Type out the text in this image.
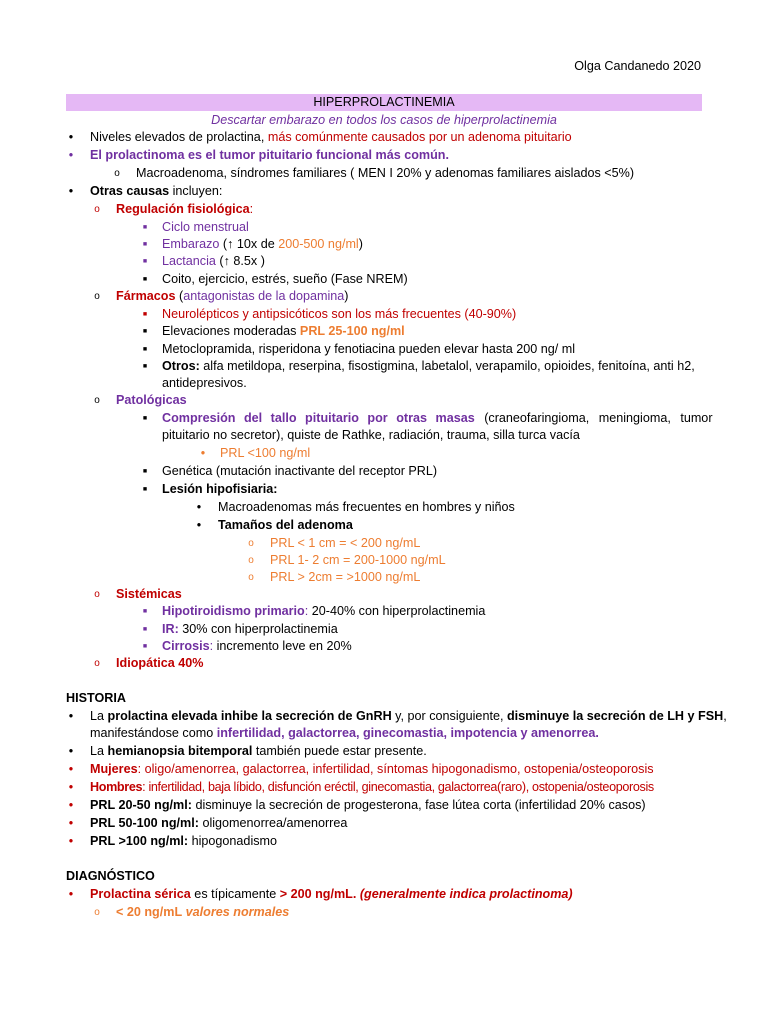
Olga Candanedo 2020
HIPERPROLACTINEMIA
Descartar embarazo en todos los casos de hiperprolactinemia
• Niveles elevados de prolactina, más comúnmente causados por un adenoma pituitario
• El prolactinoma es el tumor pituitario funcional más común.
o Macroadenoma, síndromes familiares ( MEN I 20% y adenomas familiares aislados <5%)
• Otras causas incluyen:
o Regulación fisiológica:
■ Ciclo menstrual
■ Embarazo (↑ 10x de 200-500 ng/ml)
■ Lactancia (↑ 8.5x )
■ Coito, ejercicio, estrés, sueño (Fase NREM)
o Fármacos (antagonistas de la dopamina)
■ Neurolépticos y antipsicóticos son los más frecuentes (40-90%)
■ Elevaciones moderadas PRL 25-100 ng/ml
■ Metoclopramida, risperidona y fenotiacina pueden elevar hasta 200 ng/ ml
■ Otros: alfa metildopa, reserpina, fisostigmina, labetalol, verapamilo, opioides, fenitoína, anti h2,
antidepresivos.
o Patológicas
■ Compresión del tallo pituitario por otras masas (craneofaringioma, meningioma, tumor
pituitario no secretor), quiste de Rathke, radiación, trauma, silla turca vacía
• PRL <100 ng/ml
■ Genética (mutación inactivante del receptor PRL)
■ Lesión hipofisiaria:
• Macroadenomas más frecuentes en hombres y niños
• Tamaños del adenoma
o PRL < 1 cm = < 200 ng/mL
o PRL 1- 2 cm = 200-1000 ng/mL
o PRL > 2cm = >1000 ng/mL
o Sistémicas
■ Hipotiroidismo primario: 20-40% con hiperprolactinemia
■ IR: 30% con hiperprolactinemia
■ Cirrosis: incremento leve en 20%
o Idiopática 40%
HISTORIA
• La prolactina elevada inhibe la secreción de GnRH y, por consiguiente, disminuye la secreción de LH y FSH,
manifestándose como infertilidad, galactorrea, ginecomastia, impotencia y amenorrea.
• La hemianopsia bitemporal también puede estar presente.
• Mujeres: oligo/amenorrea, galactorrea, infertilidad, síntomas hipogonadismo, ostopenia/osteoporosis
• Hombres: infertilidad, baja líbido, disfunción eréctil, ginecomastia, galactorrea(raro), ostopenia/osteoporosis
• PRL 20-50 ng/ml: disminuye la secreción de progesterona, fase lútea corta (infertilidad 20% casos)
• PRL 50-100 ng/ml: oligomenorrea/amenorrea
• PRL >100 ng/ml: hipogonadismo
DIAGNÓSTICO
• Prolactina sérica es típicamente > 200 ng/mL. (generalmente indica prolactinoma)
o < 20 ng/mL valores normales
